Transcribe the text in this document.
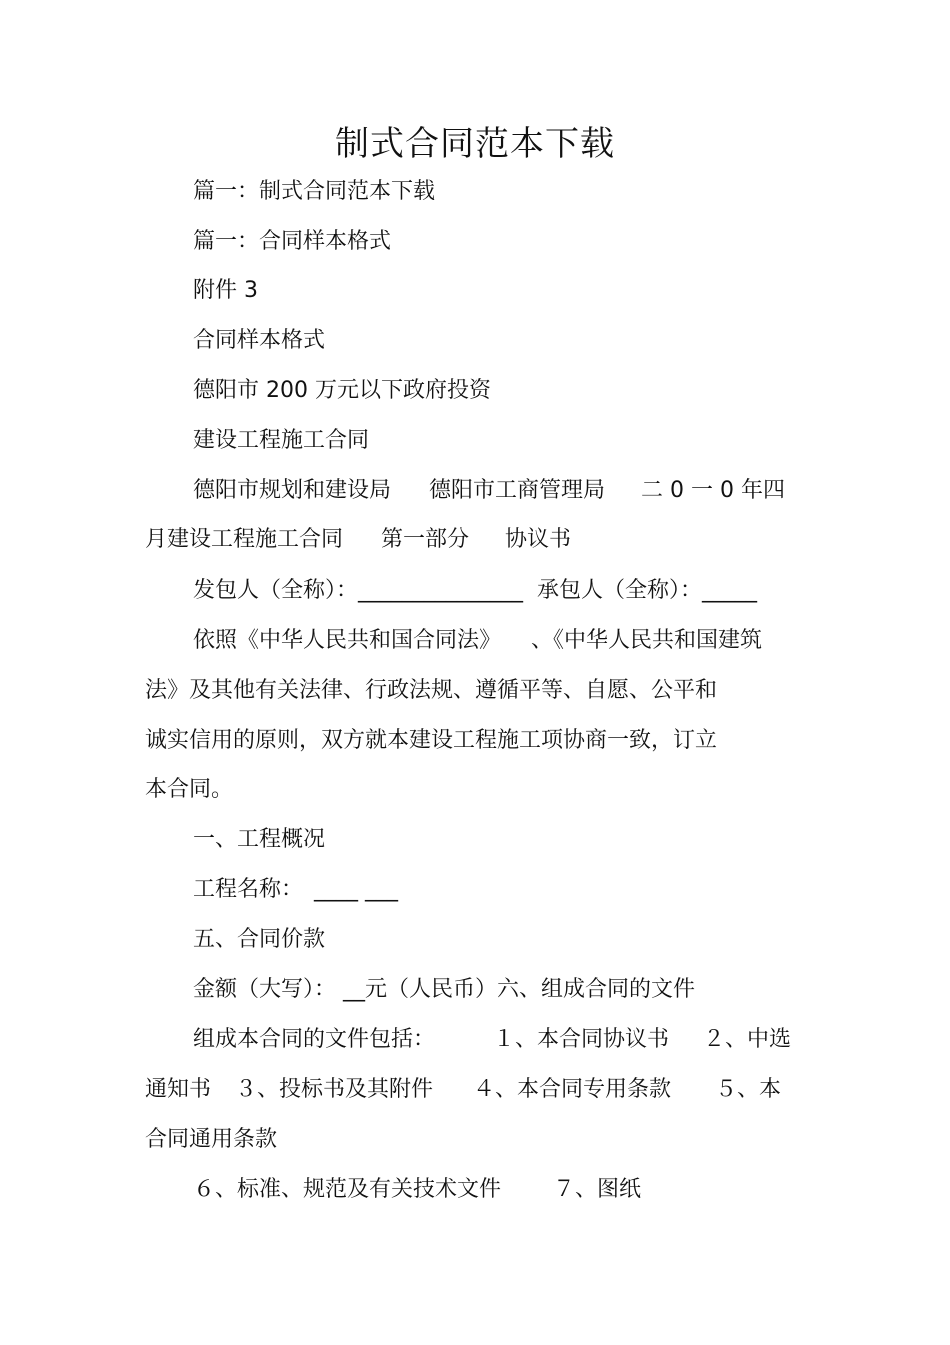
制式合同范本下载
篇一：制式合同范本下载
篇一：合同样本格式
附件 3
合同样本格式
德阳市 200 万元以下政府投资
建设工程施工合同
德阳市规划和建设局 德阳市工商管理局 二 0 一 0 年四
月建设工程施工合同 第一部分 协议书
发包人（全称）：_______________ 承包人（全称）：_____
依照《中华人民共和国合同法》 、《中华人民共和国建筑
法》及其他有关法律、行政法规、遵循平等、自愿、公平和
诚实信用的原则，双方就本建设工程施工项协商一致，订立
本合同。
一、工程概况
工程名称：　____ ___
五、合同价款
金额（大写）： __元（人民币）六、组成合同的文件
组成本合同的文件包括：	１、本合同协议书 ２、中选
通知书 ３、投标书及其附件 ４、本合同专用条款 ５、本
合同通用条款
６、标准、规范及有关技术文件 ７、图纸
